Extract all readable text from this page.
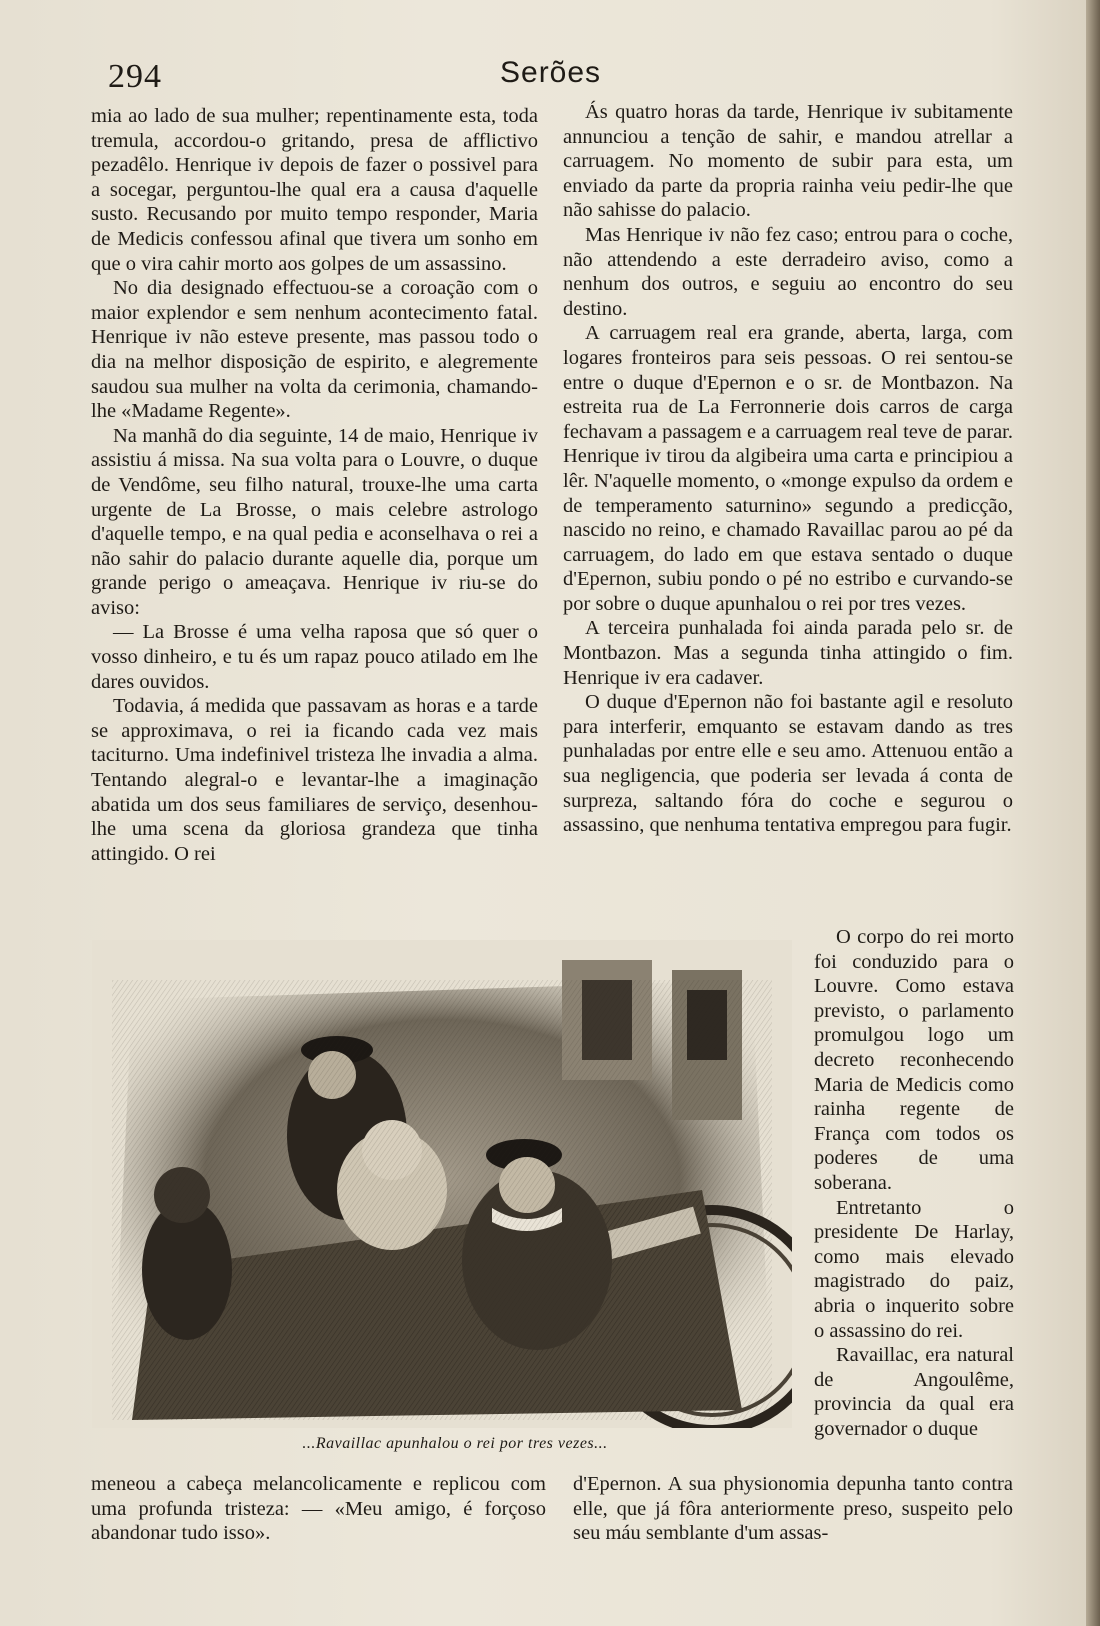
294	Serões

mia ao lado de sua mulher; repentinamente esta, toda tremula, accordou-o gritando, presa de afflictivo pezadêlo. Henrique iv depois de fazer o possivel para a socegar, perguntou-lhe qual era a causa d'aquelle susto. Recusando por muito tempo responder, Maria de Medicis confessou afinal que tivera um sonho em que o vira cahir morto aos golpes de um assassino.

No dia designado effectuou-se a coroação com o maior explendor e sem nenhum acontecimento fatal. Henrique iv não esteve presente, mas passou todo o dia na melhor disposição de espirito, e alegremente saudou sua mulher na volta da cerimonia, chamando-lhe «Madame Regente».

Na manhã do dia seguinte, 14 de maio, Henrique iv assistiu á missa. Na sua volta para o Louvre, o duque de Vendôme, seu filho natural, trouxe-lhe uma carta urgente de La Brosse, o mais celebre astrologo d'aquelle tempo, e na qual pedia e aconselhava o rei a não sahir do palacio durante aquelle dia, porque um grande perigo o ameaçava. Henrique iv riu-se do aviso:

— La Brosse é uma velha raposa que só quer o vosso dinheiro, e tu és um rapaz pouco atilado em lhe dares ouvidos.

Todavia, á medida que passavam as horas e a tarde se approximava, o rei ia ficando cada vez mais taciturno. Uma indefinivel tristeza lhe invadia a alma. Tentando alegral-o e levantar-lhe a imaginação abatida um dos seus familiares de serviço, desenhou-lhe uma scena da gloriosa grandeza que tinha attingido. O rei

Ás quatro horas da tarde, Henrique iv subitamente annunciou a tenção de sahir, e mandou atrellar a carruagem. No momento de subir para esta, um enviado da parte da propria rainha veiu pedir-lhe que não sahisse do palacio.

Mas Henrique iv não fez caso; entrou para o coche, não attendendo a este derradeiro aviso, como a nenhum dos outros, e seguiu ao encontro do seu destino.

A carruagem real era grande, aberta, larga, com logares fronteiros para seis pessoas. O rei sentou-se entre o duque d'Epernon e o sr. de Montbazon. Na estreita rua de La Ferronnerie dois carros de carga fechavam a passagem e a carruagem real teve de parar. Henrique iv tirou da algibeira uma carta e principiou a lêr. N'aquelle momento, o «monge expulso da ordem e de temperamento saturnino» segundo a predicção, nascido no reino, e chamado Ravaillac parou ao pé da carruagem, do lado em que estava sentado o duque d'Epernon, subiu pondo o pé no estribo e curvando-se por sobre o duque apunhalou o rei por tres vezes.

A terceira punhalada foi ainda parada pelo sr. de Montbazon. Mas a segunda tinha attingido o fim. Henrique iv era cadaver.

O duque d'Epernon não foi bastante agil e resoluto para interferir, emquanto se estavam dando as tres punhaladas por entre elle e seu amo. Attenuou então a sua negligencia, que poderia ser levada á conta de surpreza, saltando fóra do coche e segurou o assassino, que nenhuma tentativa empregou para fugir.

...Ravaillac apunhalou o rei por tres vezes...

O corpo do rei morto foi conduzido para o Louvre. Como estava previsto, o parlamento promulgou logo um decreto reconhecendo Maria de Medicis como rainha regente de França com todos os poderes de uma soberana.

Entretanto o presidente De Harlay, como mais elevado magistrado do paiz, abria o inquerito sobre o assassino do rei.

Ravaillac, era natural de Angoulême, provincia da qual era governador o duque

meneou a cabeça melancolicamente e replicou com uma profunda tristeza: — «Meu amigo, é forçoso abandonar tudo isso».

d'Epernon. A sua physionomia depunha tanto contra elle, que já fôra anteriormente preso, suspeito pelo seu máu semblante d'um assas-
